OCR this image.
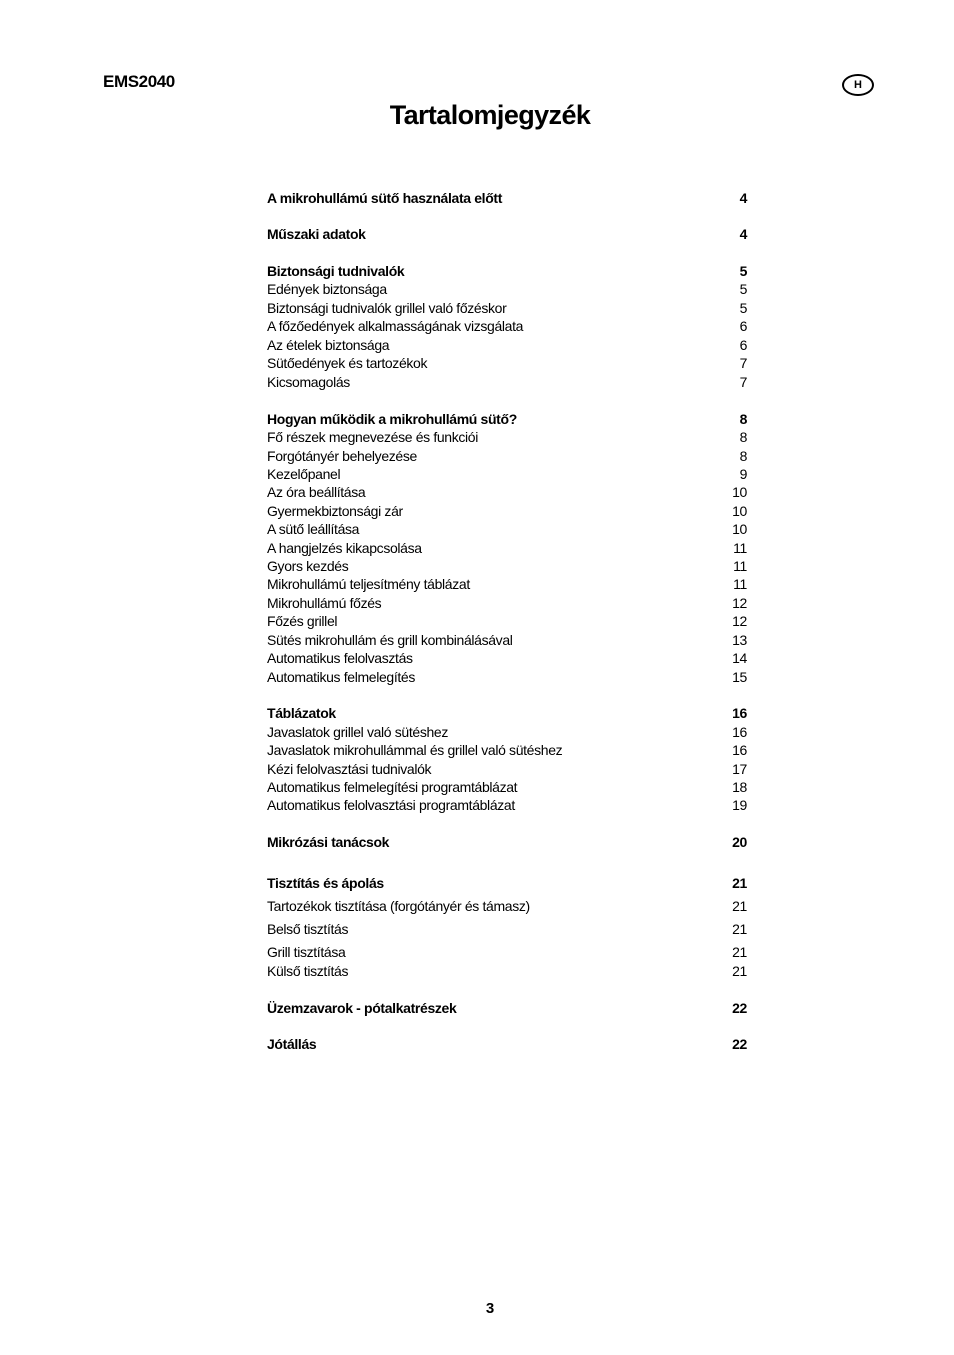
EMS2040	H
Tartalomjegyzék
A mikrohullámú sütő használata előtt	4
Műszaki adatok	4
Biztonsági tudnivalók	5
Edények biztonsága	5
Biztonsági tudnivalók grillel való főzéskor	5
A főzőedények alkalmasságának vizsgálata	6
Az ételek biztonsága	6
Sütőedények és tartozékok	7
Kicsomagolás	7
Hogyan működik a mikrohullámú sütő?	8
Fő részek megnevezése és funkciói	8
Forgótányér behelyezése	8
Kezelőpanel	9
Az óra beállítása	10
Gyermekbiztonsági zár	10
A sütő leállítása	10
A hangjelzés kikapcsolása	11
Gyors kezdés	11
Mikrohullámú teljesítmény táblázat	11
Mikrohullámú főzés	12
Főzés grillel	12
Sütés mikrohullám és grill kombinálásával	13
Automatikus felolvasztás	14
Automatikus felmelegítés	15
Táblázatok	16
Javaslatok grillel való sütéshez	16
Javaslatok mikrohullámmal és grillel való sütéshez	16
Kézi felolvasztási tudnivalók	17
Automatikus felmelegítési programtáblázat	18
Automatikus felolvasztási programtáblázat	19
Mikrózási tanácsok	20
Tisztítás és ápolás	21
Tartozékok tisztítása (forgótányér és támasz)	21
Belső tisztítás	21
Grill tisztítása	21
Külső tisztítás	21
Üzemzavarok - pótalkatrészek	22
Jótállás	22
3
